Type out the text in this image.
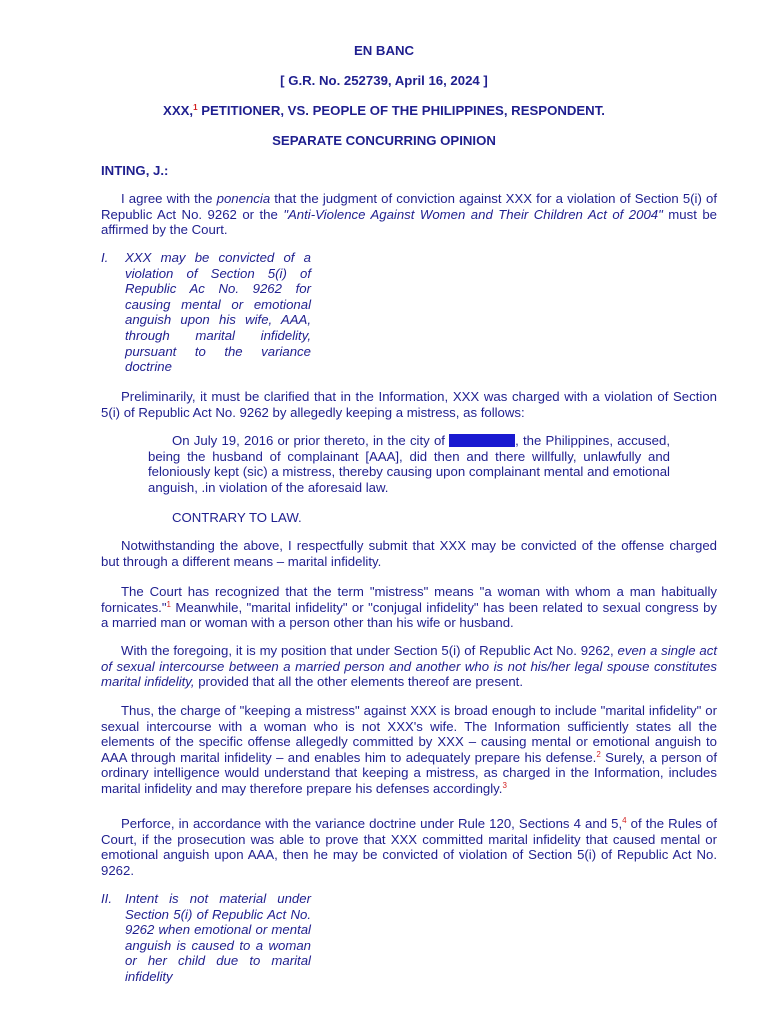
EN BANC
[ G.R. No. 252739, April 16, 2024 ]
XXX,$^1$ PETITIONER, VS. PEOPLE OF THE PHILIPPINES, RESPONDENT.
SEPARATE CONCURRING OPINION
INTING, J.:

I agree with the ponencia that the judgment of conviction against XXX for a violation of Section 5(i) of Republic Act No. 9262 or the "Anti-Violence Against Women and Their Children Act of 2004" must be affirmed by the Court.

I.	XXX may be convicted of a violation of Section 5(i) of Republic Ac No. 9262 for causing mental or emotional anguish upon his wife, AAA, through marital infidelity, pursuant to the variance doctrine

Preliminarily, it must be clarified that in the Information, XXX was charged with a violation of Section 5(i) of Republic Act No. 9262 by allegedly keeping a mistress, as follows:

On July 19, 2016 or prior thereto, in the city of	, the Philippines, accused, being the husband of complainant [AAA], did then and there willfully, unlawfully and feloniously kept (sic) a mistress, thereby causing upon complainant mental and emotional anguish, .in violation of the aforesaid law.

CONTRARY TO LAW.

Notwithstanding the above, I respectfully submit that XXX may be convicted of the offense charged but through a different means – marital infidelity.

The Court has recognized that the term "mistress" means "a woman with whom a man habitually fornicates."$^1$ Meanwhile, "marital infidelity" or "conjugal infidelity" has been related to sexual congress by a married man or woman with a person other than his wife or husband.

With the foregoing, it is my position that under Section 5(i) of Republic Act No. 9262, even a single act of sexual intercourse between a married person and another who is not his/her legal spouse constitutes marital infidelity, provided that all the other elements thereof are present.

Thus, the charge of "keeping a mistress" against XXX is broad enough to include "marital infidelity" or sexual intercourse with a woman who is not XXX's wife. The Information sufficiently states all the elements of the specific offense allegedly committed by XXX – causing mental or emotional anguish to AAA through marital infidelity – and enables him to adequately prepare his defense.$^2$ Surely, a person of ordinary intelligence would understand that keeping a mistress, as charged in the Information, includes marital infidelity and may therefore prepare his defenses accordingly.$^3$

Perforce, in accordance with the variance doctrine under Rule 120, Sections 4 and 5,$^4$ of the Rules of Court, if the prosecution was able to prove that XXX committed marital infidelity that caused mental or emotional anguish upon AAA, then he may be convicted of violation of Section 5(i) of Republic Act No. 9262.

II. Intent is not material under Section 5(i) of Republic Act No. 9262 when emotional or mental anguish is caused to a woman or her child due to marital infidelity
